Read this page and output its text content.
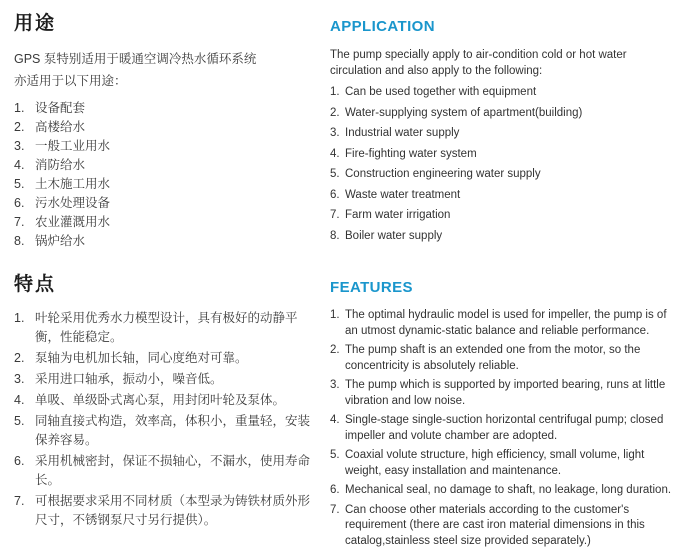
用途

GPS 泵特别适用于暖通空调冷热水循环系统

亦适用于以下用途：

设备配套
高楼给水
一般工业用水
消防给水
土木施工用水
污水处理设备
农业灌溉用水
锅炉给水
APPLICATION

The pump specially apply to air-condition cold or hot water circulation and also apply to the following:

Can be used together with equipment
Water-supplying system of apartment(building)
Industrial water supply
Fire-fighting water system
Construction engineering water supply
Waste water treatment
Farm water irrigation
Boiler water supply
特点
叶轮采用优秀水力模型设计，具有极好的动静平衡，性能稳定。
泵轴为电机加长轴，同心度绝对可靠。
采用进口轴承，振动小，噪音低。
单吸、单级卧式离心泵，用封闭叶轮及泵体。
同轴直接式构造，效率高，体积小，重量轻，安装保养容易。
采用机械密封，保证不损轴心，不漏水，使用寿命长。
可根据要求采用不同材质（本型录为铸铁材质外形尺寸，不锈钢泵尺寸另行提供）。
FEATURES
The optimal hydraulic model is used for impeller, the pump is of an utmost dynamic-static balance and reliable performance.
The pump shaft is an extended one from the motor, so the concentricity is absolutely reliable.
The pump which is supported by imported bearing, runs at little vibration and low noise.
Single-stage single-suction horizontal centrifugal pump; closed impeller and volute chamber are adopted.
Coaxial volute structure, high efficiency, small volume, light weight, easy installation and maintenance.
Mechanical seal, no damage to shaft, no leakage, long duration.
Can choose other materials according to the customer's requirement (there are cast iron material dimensions in this catalog,stainless steel size provided separately.)
